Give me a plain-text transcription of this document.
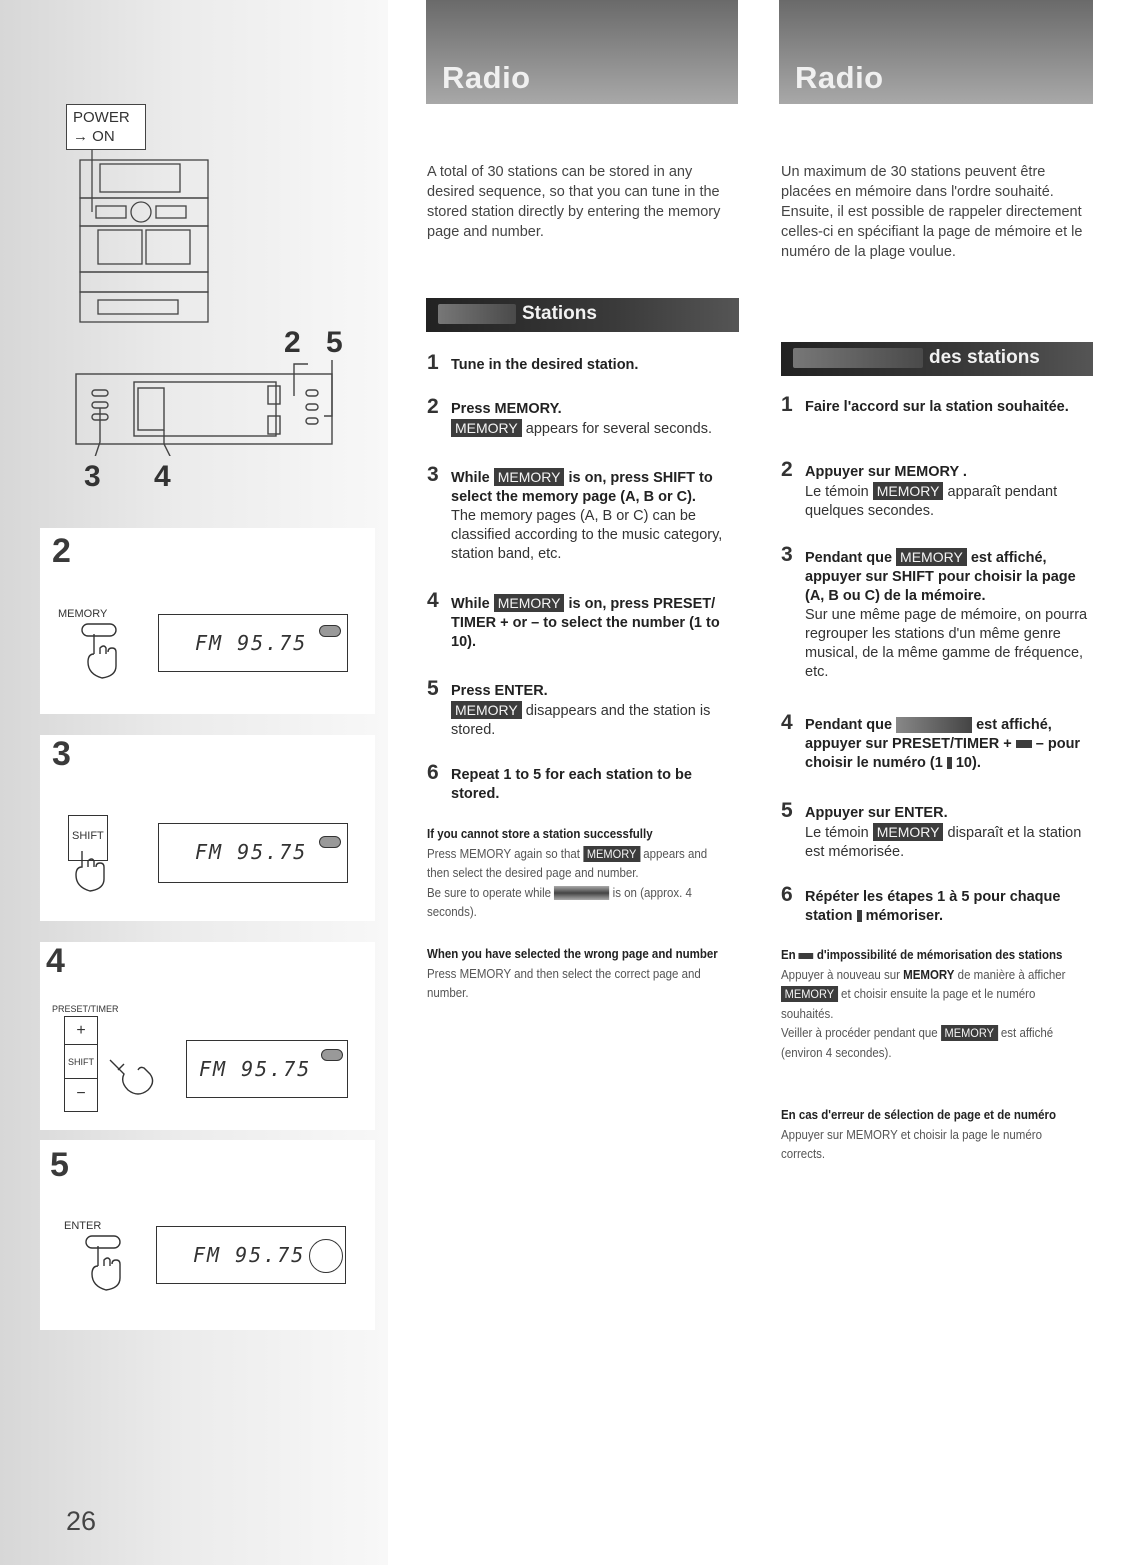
POWER
→ ON
2 5
3 4
2
MEMORY
FM 95.75
3
SHIFT
FM 95.75
4
PRESET/TIMER
+
SHIFT
−
FM 95.75
5
ENTER
FM 95.75
26
Radio
A total of 30 stations can be stored in any desired sequence, so that you can tune in the stored station directly by entering the memory page and number.
Stations
1 Tune in the desired station.
2 Press MEMORY.
MEMORY appears for several seconds.
3 While MEMORY is on, press SHIFT to select the memory page (A, B or C).
The memory pages (A, B or C) can be classified according to the music category, station band, etc.
4 While MEMORY is on, press PRESET/ TIMER + or – to select the number (1 to 10).
5 Press ENTER.
MEMORY disappears and the station is stored.
6 Repeat 1 to 5 for each station to be stored.
If you cannot store a station successfully
Press MEMORY again so that MEMORY appears and then select the desired page and number.
Be sure to operate while	is on (approx. 4 seconds).
When you have selected the wrong page and number
Press MEMORY and then select the correct page and number.
Radio
Un maximum de 30 stations peuvent être placées en mémoire dans l'ordre souhaité. Ensuite, il est possible de rappeler directement celles-ci en spécifiant la page de mémoire et le numéro de la plage voulue.
des stations
1 Faire l'accord sur la station souhaitée.
2 Appuyer sur MEMORY .
Le témoin MEMORY apparaît pendant quelques secondes.
3 Pendant que MEMORY est affiché, appuyer sur SHIFT pour choisir la page (A, B ou C) de la mémoire.
Sur une même page de mémoire, on pourra regrouper les stations d'un même genre musical, de la même gamme de fréquence, etc.
4 Pendant que	est affiché, appuyer sur PRESET/TIMER + – pour choisir le numéro (1 10).
5 Appuyer sur ENTER.
Le témoin MEMORY disparaît et la station est mémorisée.
6 Répéter les étapes 1 à 5 pour chaque station mémoriser.
En d'impossibilité de mémorisation des stations
Appuyer à nouveau sur MEMORY de manière à afficher MEMORY et choisir ensuite la page et le numéro souhaités.
Veiller à procéder pendant que MEMORY est affiché (environ 4 secondes).
En cas d'erreur de sélection de page et de numéro
Appuyer sur MEMORY et choisir la page le numéro corrects.
